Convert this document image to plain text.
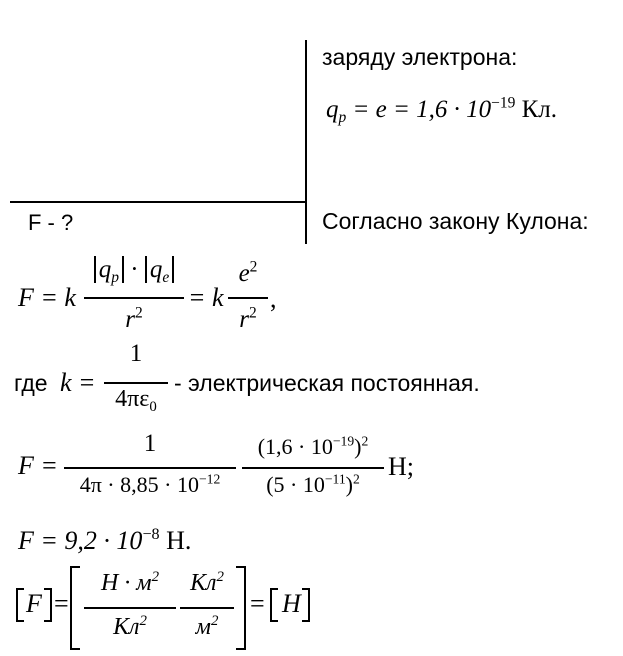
заряду электрона:
$q_p = e = 1,6 \cdot 10^{-19}$ Кл.
F - ?	Согласно закону Кулона:
F = k
$q_p \cdot q_e$
$r^2$
= k
$e^2$
$r^2$ ,
где k =
1
$4\pi\varepsilon_0$
- электрическая постоянная.
F =
1
$4\pi \cdot 8,85 \cdot 10^{-12}$
$(1,6 \cdot 10^{-19})^2$
$(5 \cdot 10^{-11})^2$	Н;
$F = 9,2 \cdot 10^{-8}$ Н.
F =
$Н \cdot м^2$
$Кл^2$
$Кл^2$
$м^2$
= Н
